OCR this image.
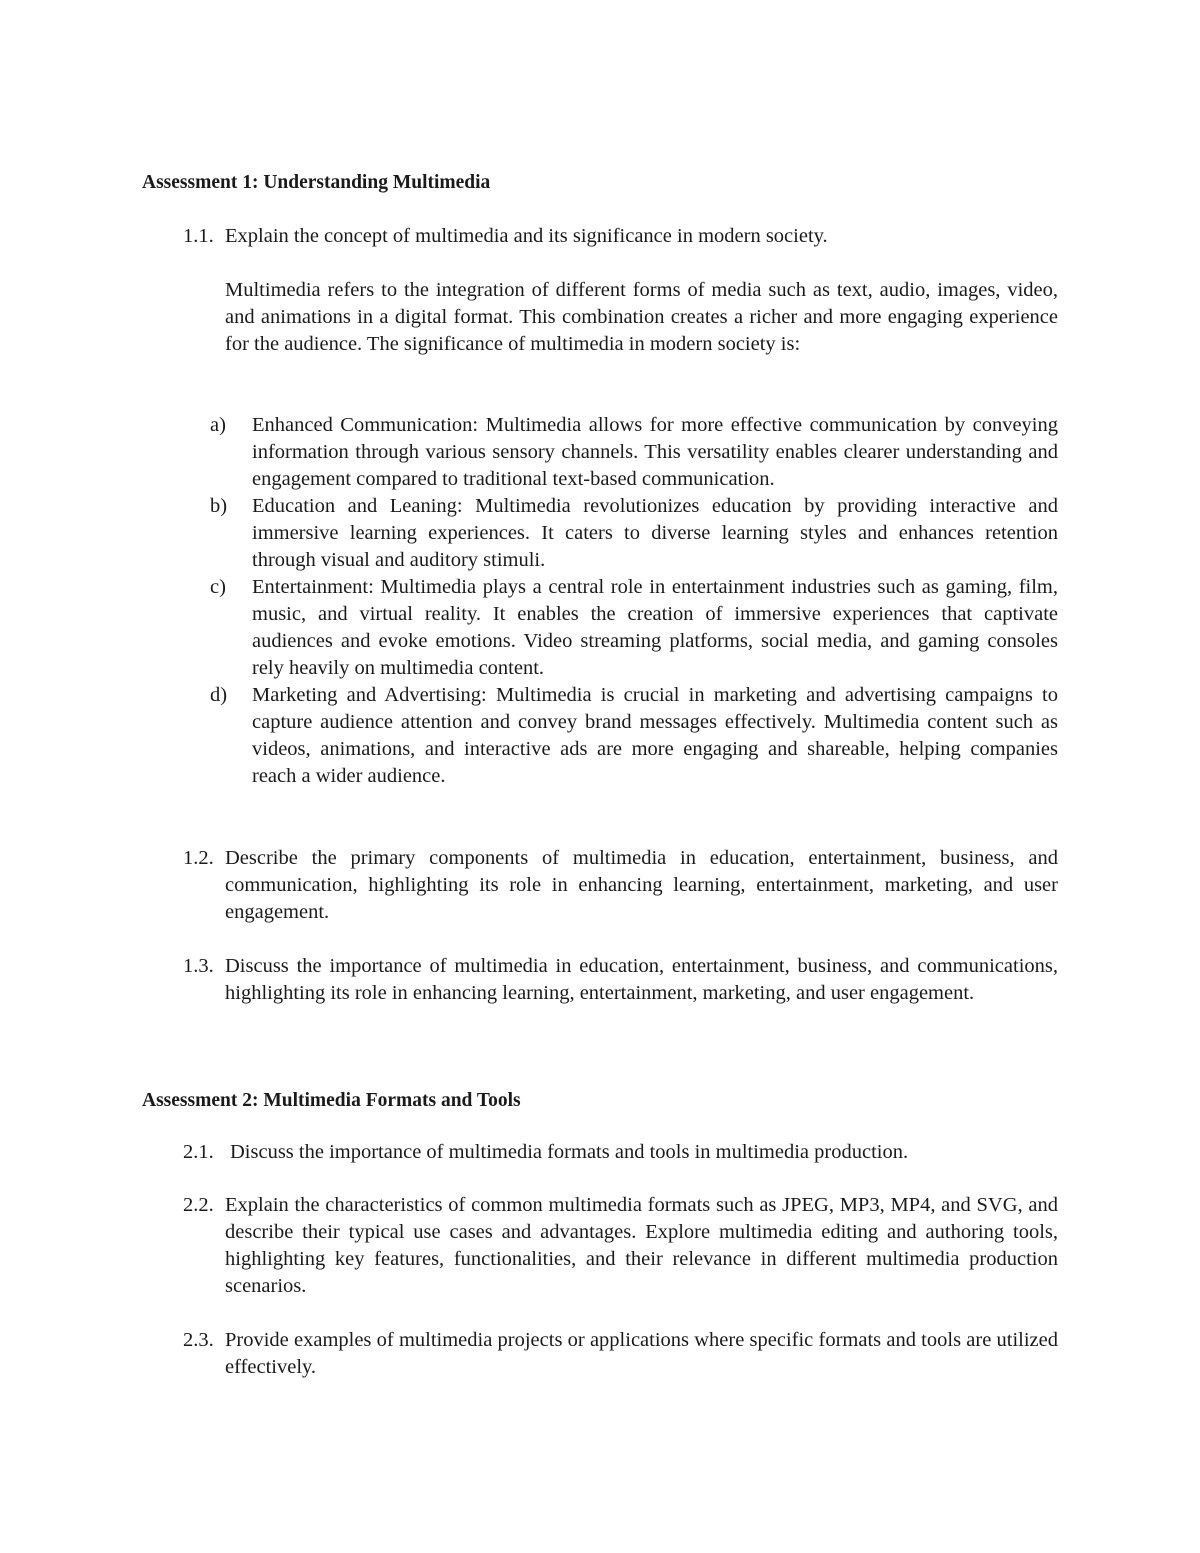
Assessment 1: Understanding Multimedia
1.1. Explain the concept of multimedia and its significance in modern society.

Multimedia refers to the integration of different forms of media such as text, audio, images, video, and animations in a digital format. This combination creates a richer and more engaging experience for the audience. The significance of multimedia in modern society is:

a)	Enhanced Communication: Multimedia allows for more effective communication by conveying information through various sensory channels. This versatility enables clearer understanding and engagement compared to traditional text-based communication.
b)	Education and Leaning: Multimedia revolutionizes education by providing interactive and immersive learning experiences. It caters to diverse learning styles and enhances retention through visual and auditory stimuli.
c)	Entertainment: Multimedia plays a central role in entertainment industries such as gaming, film, music, and virtual reality. It enables the creation of immersive experiences that captivate audiences and evoke emotions. Video streaming platforms, social media, and gaming consoles rely heavily on multimedia content.
d)	Marketing and Advertising: Multimedia is crucial in marketing and advertising campaigns to capture audience attention and convey brand messages effectively. Multimedia content such as videos, animations, and interactive ads are more engaging and shareable, helping companies reach a wider audience.
1.2. Describe the primary components of multimedia in education, entertainment, business, and communication, highlighting its role in enhancing learning, entertainment, marketing, and user engagement.
1.3. Discuss the importance of multimedia in education, entertainment, business, and communications, highlighting its role in enhancing learning, entertainment, marketing, and user engagement.
Assessment 2: Multimedia Formats and Tools
2.1. Discuss the importance of multimedia formats and tools in multimedia production.
2.2. Explain the characteristics of common multimedia formats such as JPEG, MP3, MP4, and SVG, and describe their typical use cases and advantages. Explore multimedia editing and authoring tools, highlighting key features, functionalities, and their relevance in different multimedia production scenarios.
2.3. Provide examples of multimedia projects or applications where specific formats and tools are utilized effectively.
